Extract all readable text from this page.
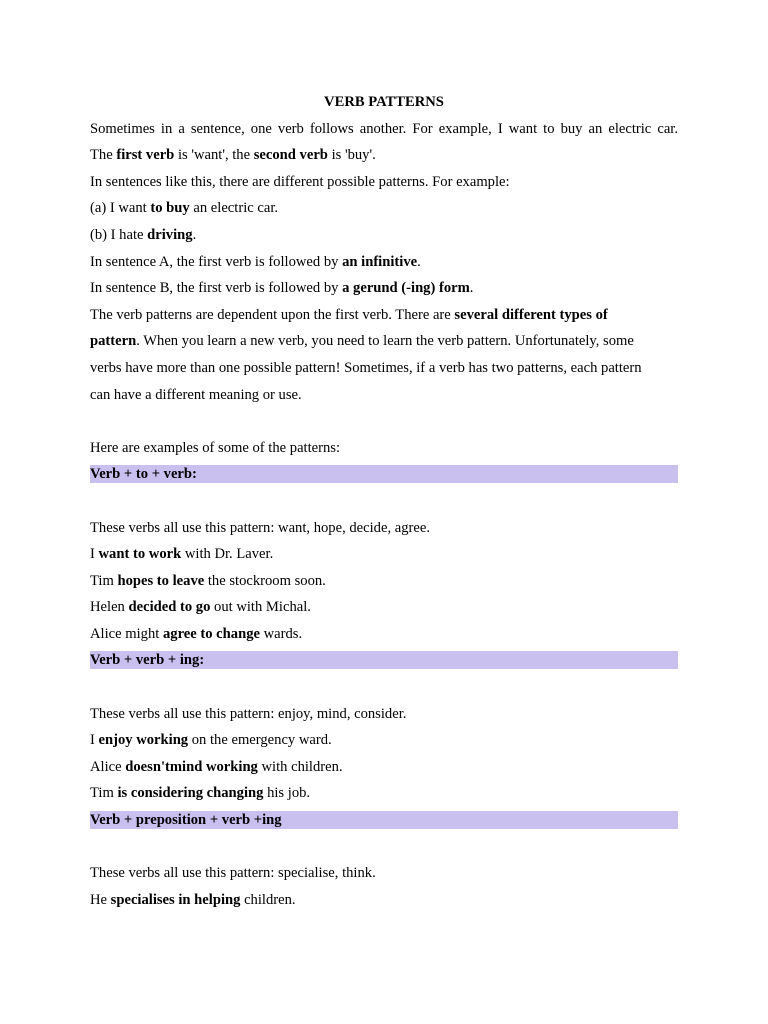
VERB PATTERNS
Sometimes in a sentence, one verb follows another. For example, I want to buy an electric car.
The first verb is 'want', the second verb is 'buy'.
In sentences like this, there are different possible patterns. For example:
(a) I want to buy an electric car.
(b) I hate driving.
In sentence A, the first verb is followed by an infinitive.
In sentence B, the first verb is followed by a gerund (-ing) form.
The verb patterns are dependent upon the first verb. There are several different types of
pattern. When you learn a new verb, you need to learn the verb pattern. Unfortunately, some
verbs have more than one possible pattern! Sometimes, if a verb has two patterns, each pattern
can have a different meaning or use.
Here are examples of some of the patterns:
Verb + to + verb:
These verbs all use this pattern: want, hope, decide, agree.
I want to work with Dr. Laver.
Tim hopes to leave the stockroom soon.
Helen decided to go out with Michal.
Alice might agree to change wards.
Verb + verb + ing:
These verbs all use this pattern: enjoy, mind, consider.
I enjoy working on the emergency ward.
Alice doesn'tmind working with children.
Tim is considering changing his job.
Verb + preposition + verb +ing
These verbs all use this pattern: specialise, think.
He specialises in helping children.
